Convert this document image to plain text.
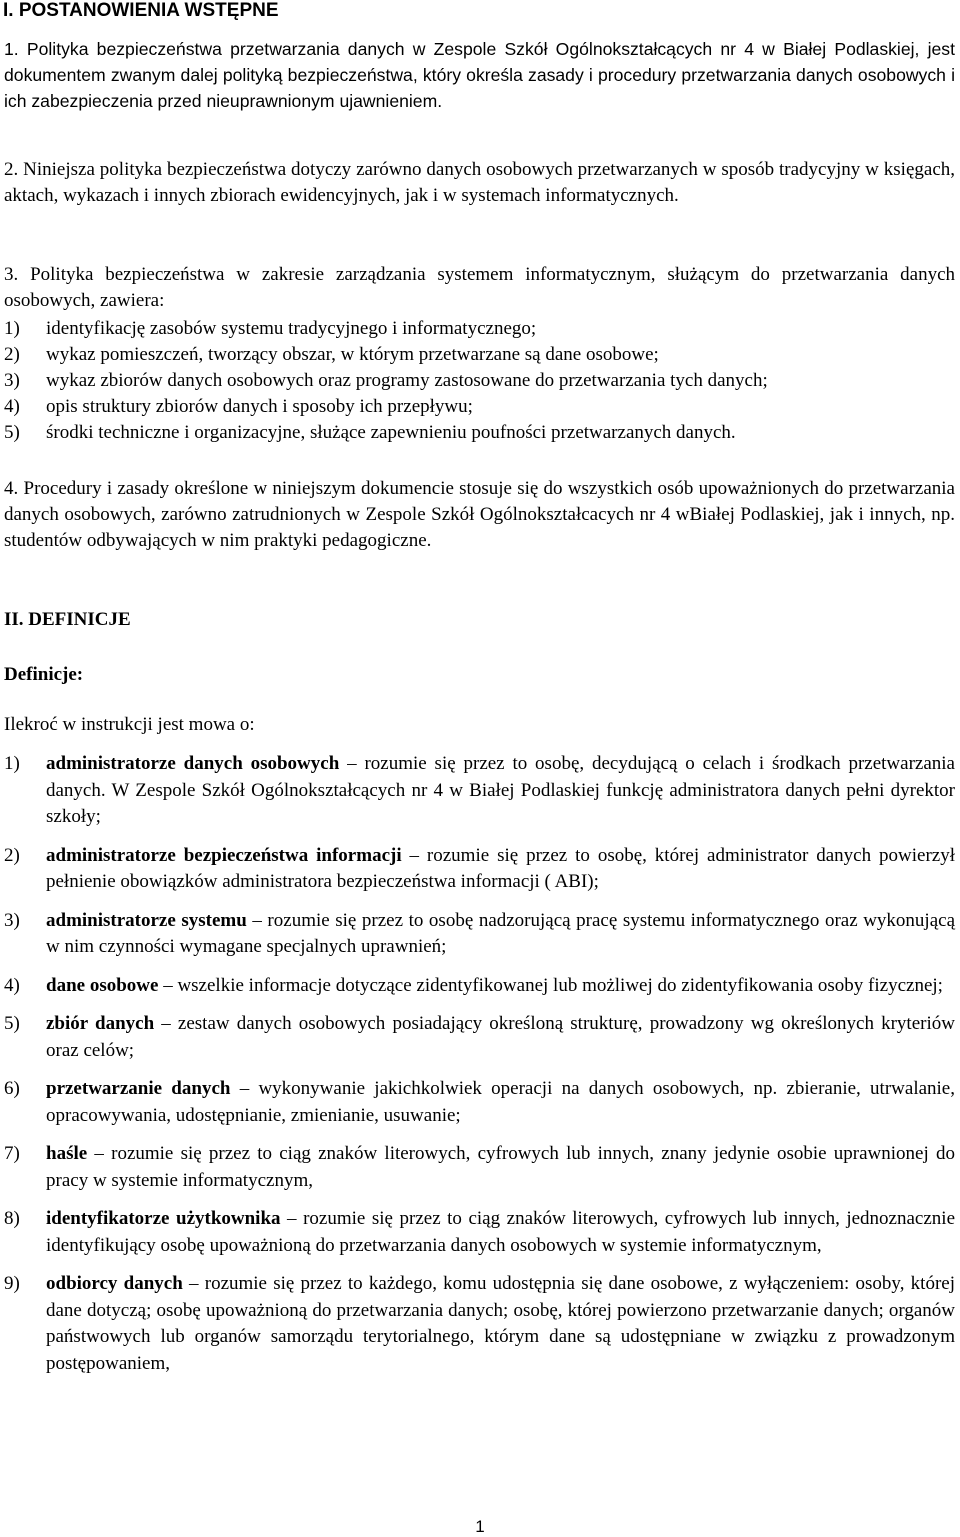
I. POSTANOWIENIA WSTĘPNE

1. Polityka bezpieczeństwa przetwarzania danych w Zespole Szkół Ogólnokształcących nr 4 w Białej Podlaskiej, jest dokumentem zwanym dalej polityką bezpieczeństwa, który określa zasady i procedury przetwarzania danych osobowych i ich zabezpieczenia przed nieuprawnionym ujawnieniem.

2. Niniejsza polityka bezpieczeństwa dotyczy zarówno danych osobowych przetwarzanych w sposób tradycyjny w księgach, aktach, wykazach i innych zbiorach ewidencyjnych, jak i w systemach informatycznych.

3. Polityka bezpieczeństwa w zakresie zarządzania systemem informatycznym, służącym do przetwarzania danych osobowych, zawiera:

1) identyfikację zasobów systemu tradycyjnego i informatycznego;
2) wykaz pomieszczeń, tworzący obszar, w którym przetwarzane są dane osobowe;
3) wykaz zbiorów danych osobowych oraz programy zastosowane do przetwarzania tych danych;
4) opis struktury zbiorów danych i sposoby ich przepływu;
5) środki techniczne i organizacyjne, służące zapewnieniu poufności przetwarzanych danych.

4. Procedury i zasady określone w niniejszym dokumencie stosuje się do wszystkich osób upoważnionych do przetwarzania danych osobowych, zarówno zatrudnionych w Zespole Szkół Ogólnokształcacych nr 4 wBiałej Podlaskiej, jak i innych, np. studentów odbywających w nim praktyki pedagogiczne.

II. DEFINICJE
Definicje:

Ilekroć w instrukcji jest mowa o:

1) administratorze danych osobowych – rozumie się przez to osobę, decydującą o celach i środkach przetwarzania danych. W Zespole Szkół Ogólnokształcących nr 4 w Białej Podlaskiej funkcję administratora danych pełni dyrektor szkoły;
2) administratorze bezpieczeństwa informacji – rozumie się przez to osobę, której administrator danych powierzył pełnienie obowiązków administratora bezpieczeństwa informacji ( ABI);
3) administratorze systemu – rozumie się przez to osobę nadzorującą pracę systemu informatycznego oraz wykonującą w nim czynności wymagane specjalnych uprawnień;
4) dane osobowe – wszelkie informacje dotyczące zidentyfikowanej lub możliwej do zidentyfikowania osoby fizycznej;
5) zbiór danych – zestaw danych osobowych posiadający określoną strukturę, prowadzony wg określonych kryteriów oraz celów;
6) przetwarzanie danych – wykonywanie jakichkolwiek operacji na danych osobowych, np. zbieranie, utrwalanie, opracowywania, udostępnianie, zmienianie, usuwanie;
7) haśle – rozumie się przez to ciąg znaków literowych, cyfrowych lub innych, znany jedynie osobie uprawnionej do pracy w systemie informatycznym,
8) identyfikatorze użytkownika – rozumie się przez to ciąg znaków literowych, cyfrowych lub innych, jednoznacznie identyfikujący osobę upoważnioną do przetwarzania danych osobowych w systemie informatycznym,
9) odbiorcy danych – rozumie się przez to każdego, komu udostępnia się dane osobowe, z wyłączeniem: osoby, której dane dotyczą; osobę upoważnioną do przetwarzania danych; osobę, której powierzono przetwarzanie danych; organów państwowych lub organów samorządu terytorialnego, którym dane są udostępniane w związku z prowadzonym postępowaniem,
1
